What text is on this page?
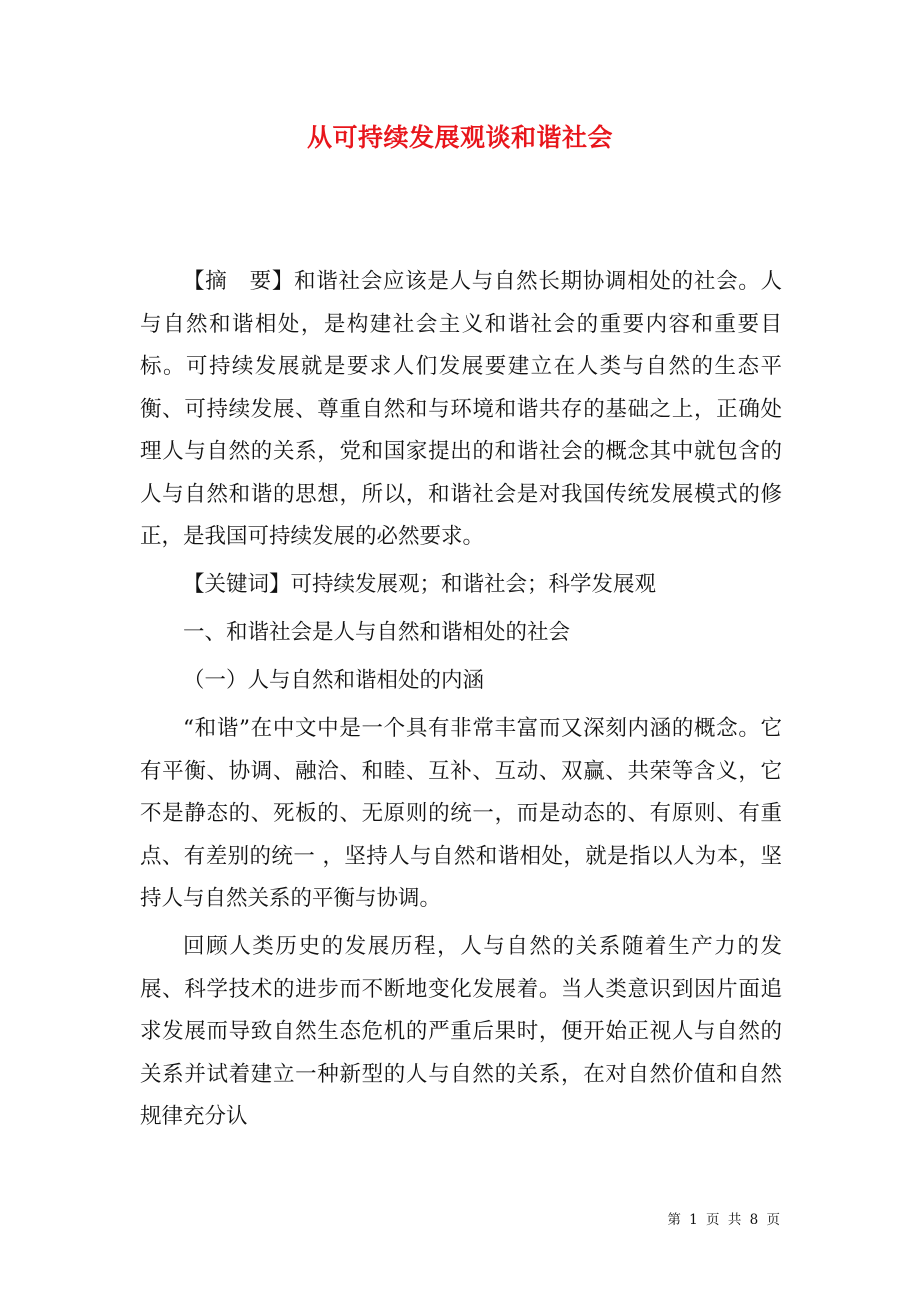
从可持续发展观谈和谐社会

【摘　要】和谐社会应该是人与自然长期协调相处的社会。人与自然和谐相处，是构建社会主义和谐社会的重要内容和重要目标。可持续发展就是要求人们发展要建立在人类与自然的生态平衡、可持续发展、尊重自然和与环境和谐共存的基础之上，正确处理人与自然的关系，党和国家提出的和谐社会的概念其中就包含的人与自然和谐的思想，所以，和谐社会是对我国传统发展模式的修正，是我国可持续发展的必然要求。

【关键词】可持续发展观；和谐社会；科学发展观

一、和谐社会是人与自然和谐相处的社会

（一）人与自然和谐相处的内涵

“和谐”在中文中是一个具有非常丰富而又深刻内涵的概念。它有平衡、协调、融洽、和睦、互补、互动、双赢、共荣等含义，它不是静态的、死板的、无原则的统一，而是动态的、有原则、有重点、有差别的统一 ，坚持人与自然和谐相处，就是指以人为本，坚持人与自然关系的平衡与协调。

回顾人类历史的发展历程，人与自然的关系随着生产力的发展、科学技术的进步而不断地变化发展着。当人类意识到因片面追求发展而导致自然生态危机的严重后果时，便开始正视人与自然的关系并试着建立一种新型的人与自然的关系，在对自然价值和自然规律充分认

第 1 页 共 8 页
